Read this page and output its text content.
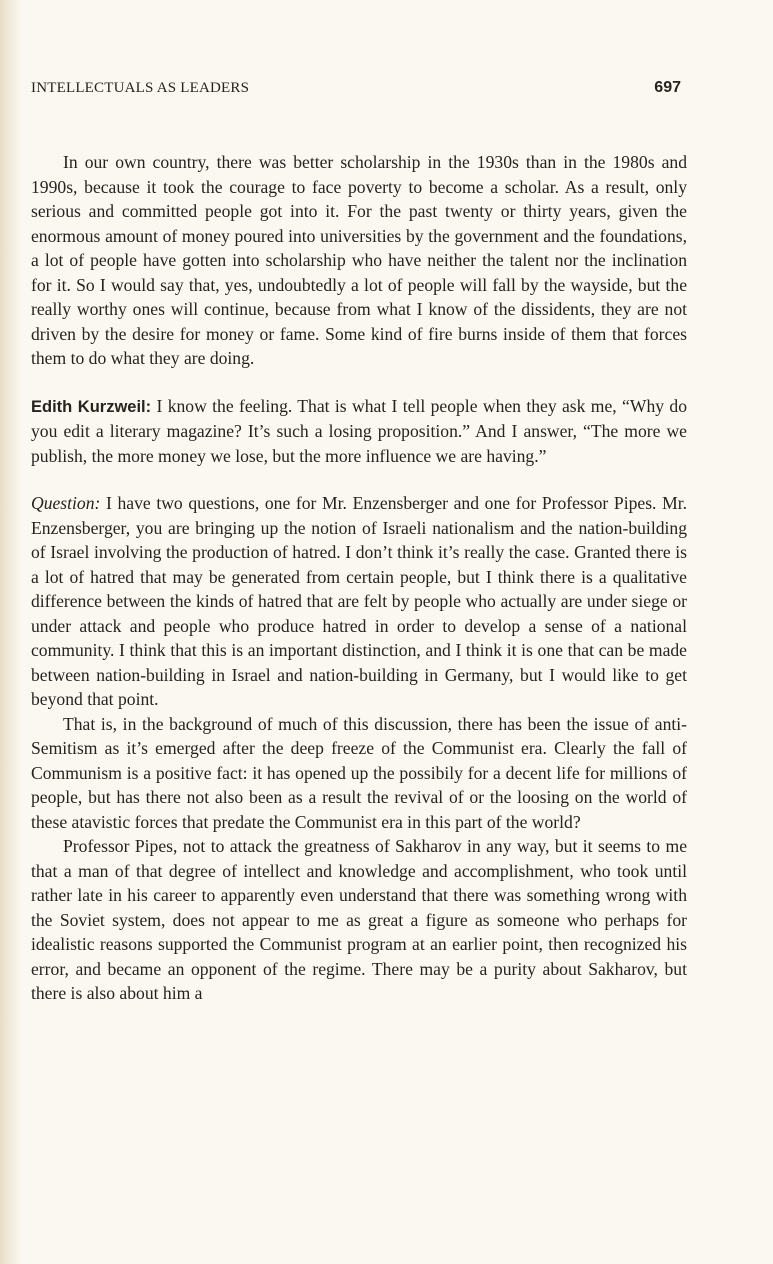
INTELLECTUALS AS LEADERS	697

In our own country, there was better scholarship in the 1930s than in the 1980s and 1990s, because it took the courage to face poverty to become a scholar. As a result, only serious and committed people got into it. For the past twenty or thirty years, given the enormous amount of money poured into universities by the government and the foundations, a lot of people have gotten into scholarship who have neither the talent nor the inclination for it. So I would say that, yes, undoubtedly a lot of people will fall by the wayside, but the really worthy ones will continue, because from what I know of the dissidents, they are not driven by the desire for money or fame. Some kind of fire burns inside of them that forces them to do what they are doing.

Edith Kurzweil: I know the feeling. That is what I tell people when they ask me, “Why do you edit a literary magazine? It’s such a losing proposition.” And I answer, “The more we publish, the more money we lose, but the more influence we are having.”

Question: I have two questions, one for Mr. Enzensberger and one for Professor Pipes. Mr. Enzensberger, you are bringing up the notion of Israeli nationalism and the nation-building of Israel involving the production of hatred. I don’t think it’s really the case. Granted there is a lot of hatred that may be generated from certain people, but I think there is a qualitative difference between the kinds of hatred that are felt by people who actually are under siege or under attack and people who produce hatred in order to develop a sense of a national community. I think that this is an important distinction, and I think it is one that can be made between nation-building in Israel and nation-building in Germany, but I would like to get beyond that point.

That is, in the background of much of this discussion, there has been the issue of anti-Semitism as it’s emerged after the deep freeze of the Communist era. Clearly the fall of Communism is a positive fact: it has opened up the possibily for a decent life for millions of people, but has there not also been as a result the revival of or the loosing on the world of these atavistic forces that predate the Communist era in this part of the world?

Professor Pipes, not to attack the greatness of Sakharov in any way, but it seems to me that a man of that degree of intellect and knowledge and accomplishment, who took until rather late in his career to apparently even understand that there was something wrong with the Soviet system, does not appear to me as great a figure as someone who perhaps for idealistic reasons supported the Communist program at an earlier point, then recognized his error, and became an opponent of the regime. There may be a purity about Sakharov, but there is also about him a
